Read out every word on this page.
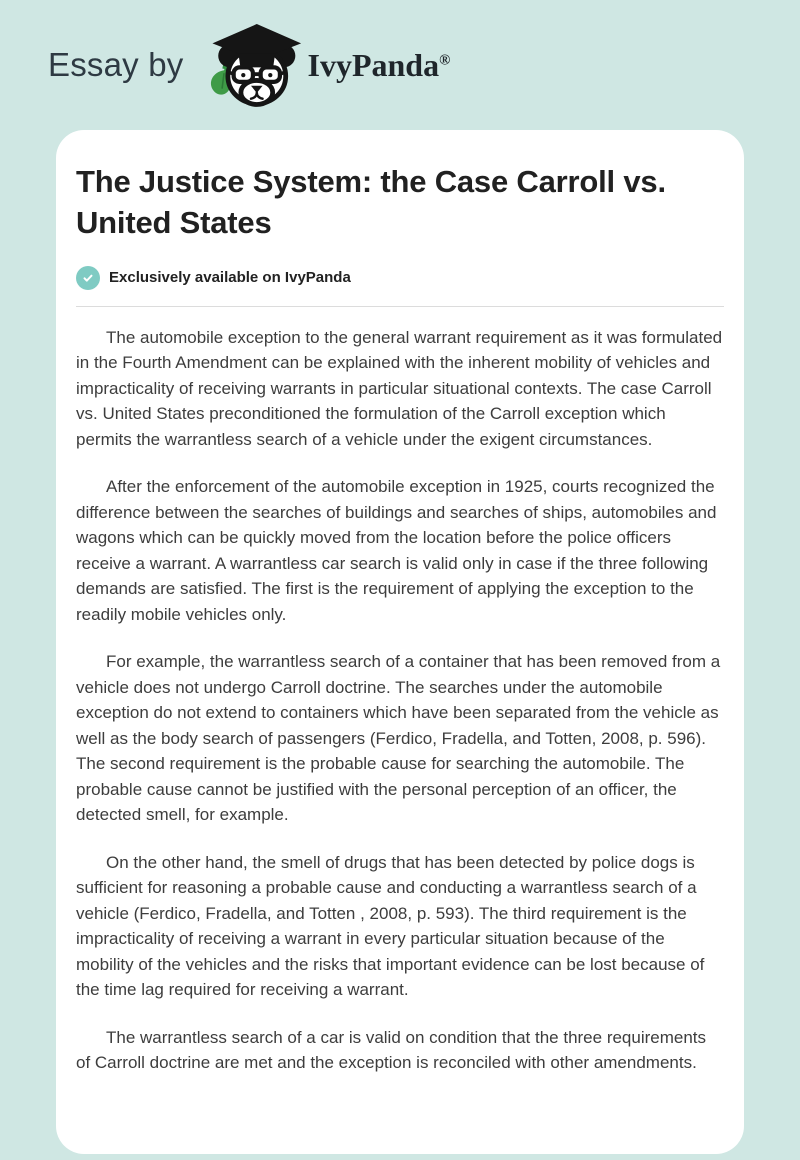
Essay by	IvyPanda®
The Justice System: the Case Carroll vs. United States
Exclusively available on IvyPanda

The automobile exception to the general warrant requirement as it was formulated in the Fourth Amendment can be explained with the inherent mobility of vehicles and impracticality of receiving warrants in particular situational contexts. The case Carroll vs. United States preconditioned the formulation of the Carroll exception which permits the warrantless search of a vehicle under the exigent circumstances.

After the enforcement of the automobile exception in 1925, courts recognized the difference between the searches of buildings and searches of ships, automobiles and wagons which can be quickly moved from the location before the police officers receive a warrant. A warrantless car search is valid only in case if the three following demands are satisfied. The first is the requirement of applying the exception to the readily mobile vehicles only.

For example, the warrantless search of a container that has been removed from a vehicle does not undergo Carroll doctrine. The searches under the automobile exception do not extend to containers which have been separated from the vehicle as well as the body search of passengers (Ferdico, Fradella, and Totten, 2008, p. 596). The second requirement is the probable cause for searching the automobile. The probable cause cannot be justified with the personal perception of an officer, the detected smell, for example.

On the other hand, the smell of drugs that has been detected by police dogs is sufficient for reasoning a probable cause and conducting a warrantless search of a vehicle (Ferdico, Fradella, and Totten , 2008, p. 593). The third requirement is the impracticality of receiving a warrant in every particular situation because of the mobility of the vehicles and the risks that important evidence can be lost because of the time lag required for receiving a warrant.

The warrantless search of a car is valid on condition that the three requirements of Carroll doctrine are met and the exception is reconciled with other amendments.
